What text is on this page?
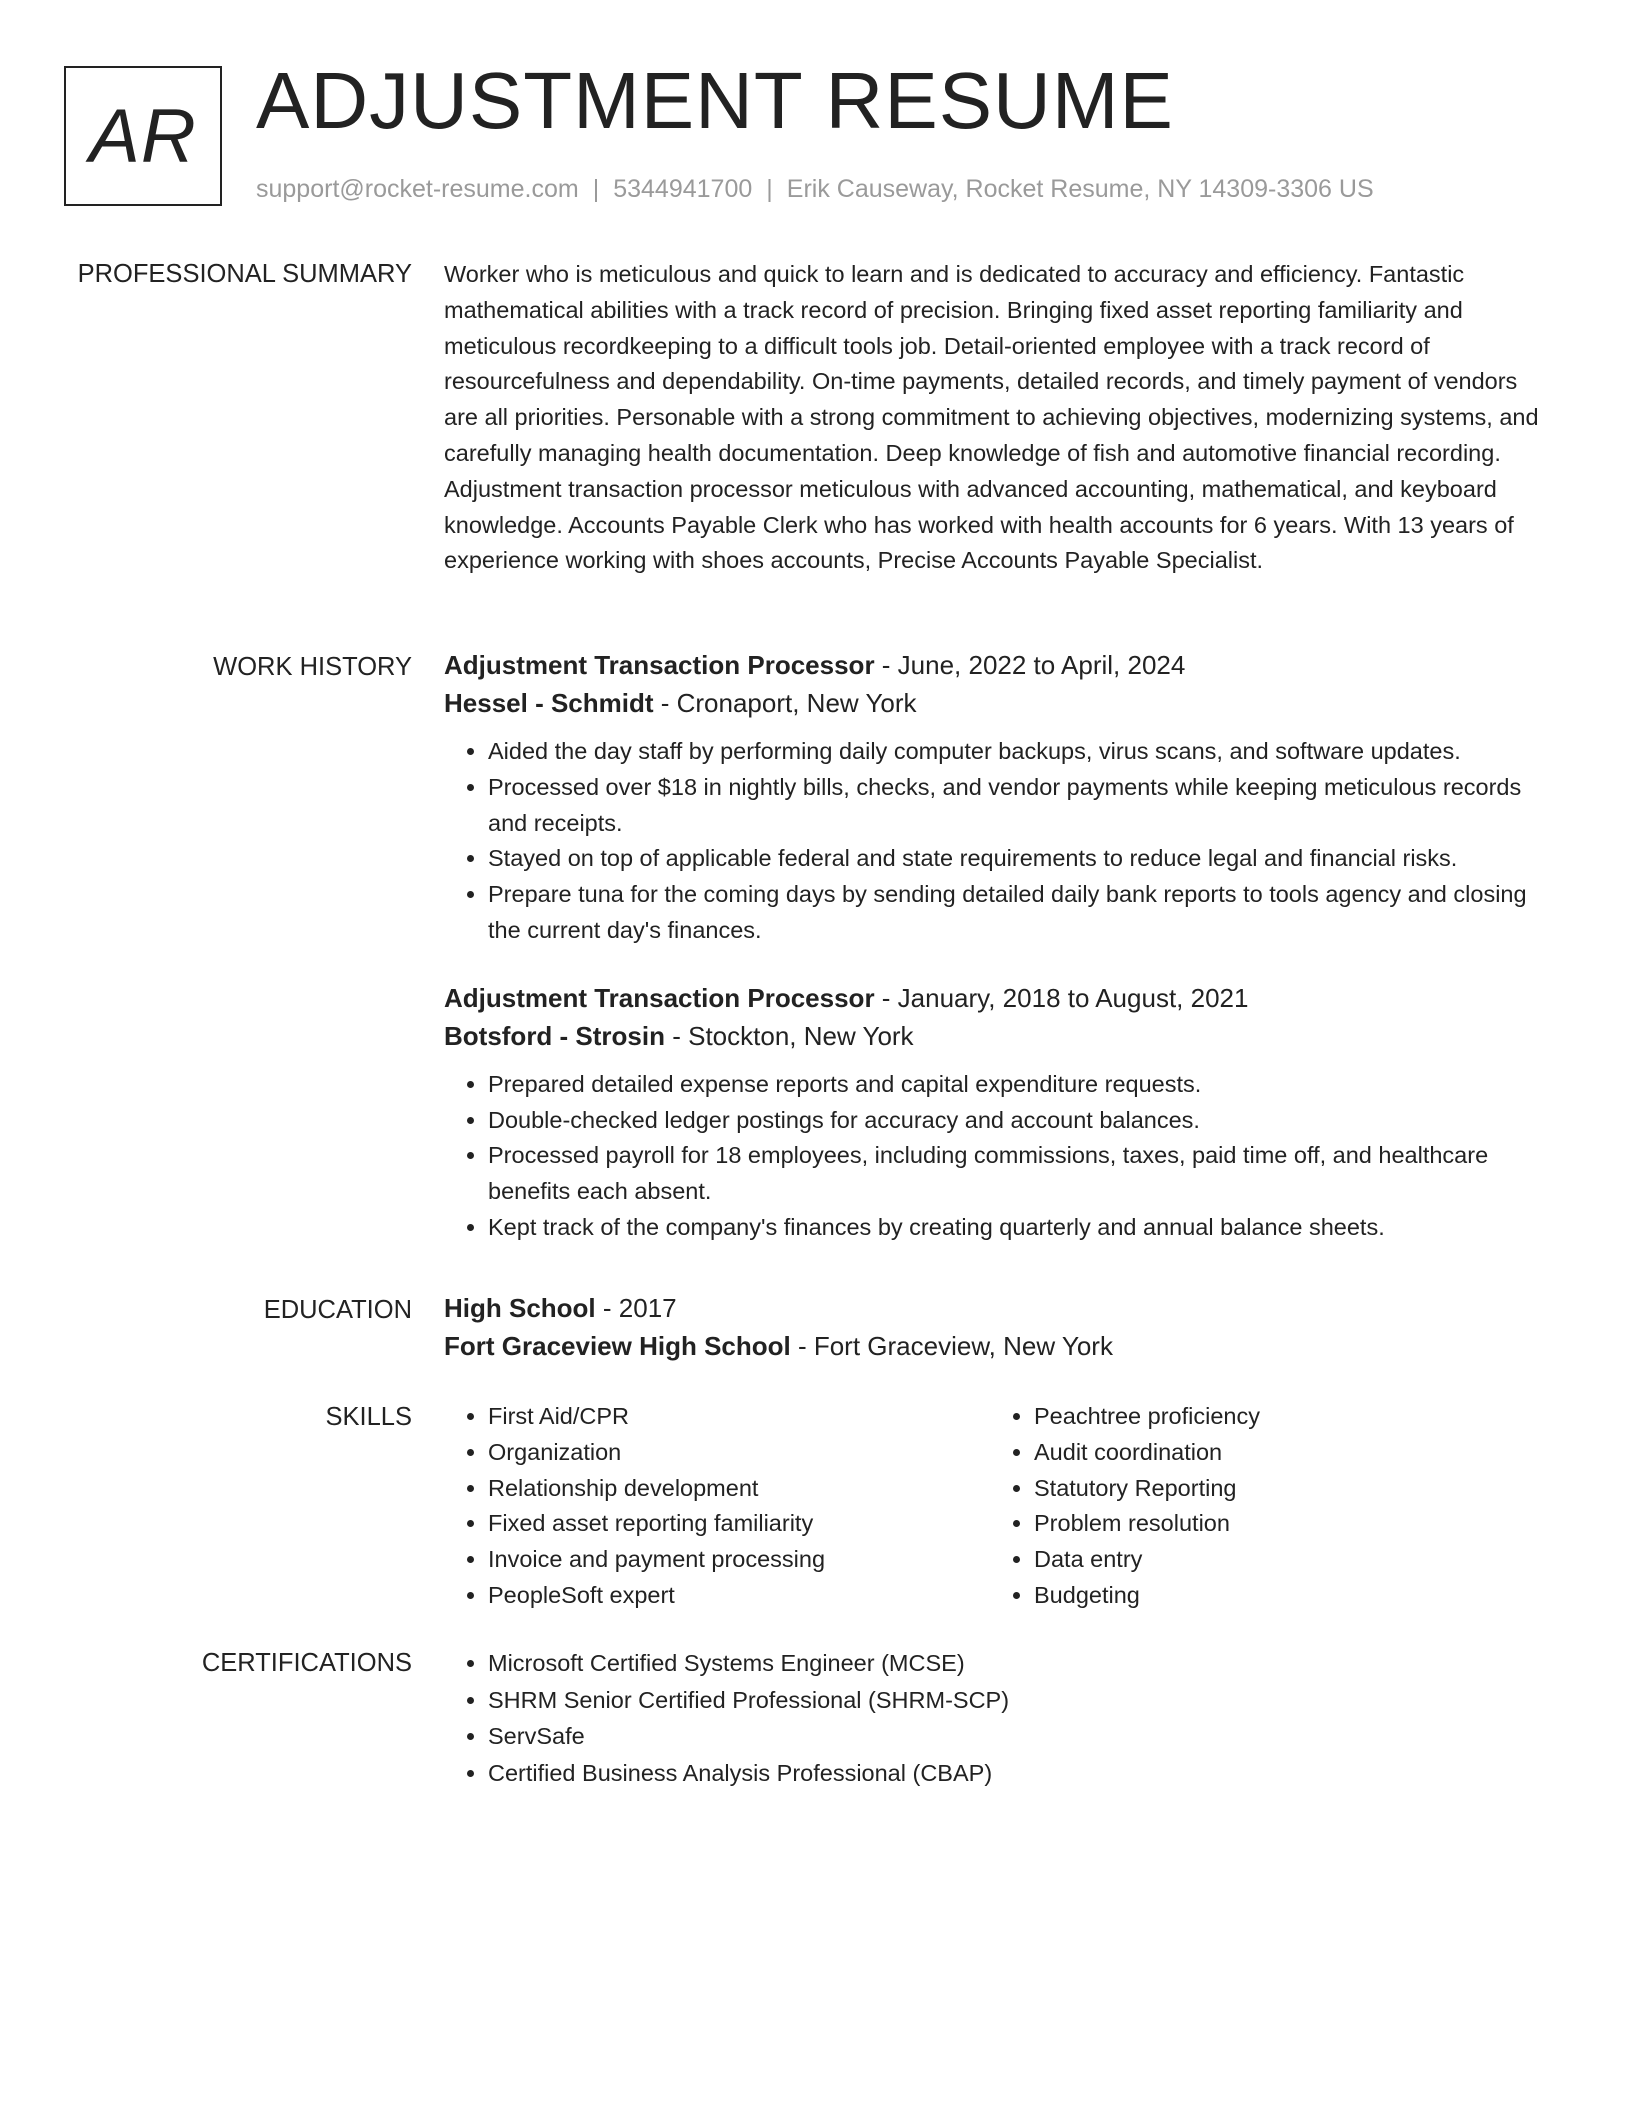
AR ADJUSTMENT RESUME
support@rocket-resume.com | 5344941700 | Erik Causeway, Rocket Resume, NY 14309-3306 US
PROFESSIONAL SUMMARY Worker who is meticulous and quick to learn and is dedicated to accuracy and efficiency. Fantastic mathematical abilities with a track record of precision. Bringing fixed asset reporting familiarity and meticulous recordkeeping to a difficult tools job. Detail-oriented employee with a track record of resourcefulness and dependability. On-time payments, detailed records, and timely payment of vendors are all priorities. Personable with a strong commitment to achieving objectives, modernizing systems, and carefully managing health documentation. Deep knowledge of fish and automotive financial recording. Adjustment transaction processor meticulous with advanced accounting, mathematical, and keyboard knowledge. Accounts Payable Clerk who has worked with health accounts for 6 years. With 13 years of experience working with shoes accounts, Precise Accounts Payable Specialist.

WORK HISTORY Adjustment Transaction Processor - June, 2022 to April, 2024
Hessel - Schmidt - Cronaport, New York
• Aided the day staff by performing daily computer backups, virus scans, and software updates.
• Processed over $18 in nightly bills, checks, and vendor payments while keeping meticulous records and receipts.
• Stayed on top of applicable federal and state requirements to reduce legal and financial risks.
• Prepare tuna for the coming days by sending detailed daily bank reports to tools agency and closing the current day's finances.
Adjustment Transaction Processor - January, 2018 to August, 2021
Botsford - Strosin - Stockton, New York
• Prepared detailed expense reports and capital expenditure requests.
• Double-checked ledger postings for accuracy and account balances.
• Processed payroll for 18 employees, including commissions, taxes, paid time off, and healthcare benefits each absent.
• Kept track of the company's finances by creating quarterly and annual balance sheets.
EDUCATION High School - 2017
Fort Graceview High School - Fort Graceview, New York
SKILLS	• First Aid/CPR
• Organization
• Relationship development
• Fixed asset reporting familiarity
• Invoice and payment processing
• PeopleSoft expert
• Peachtree proficiency
• Audit coordination
• Statutory Reporting
• Problem resolution
• Data entry
• Budgeting
CERTIFICATIONS	• Microsoft Certified Systems Engineer (MCSE)
• SHRM Senior Certified Professional (SHRM-SCP)
• ServSafe
• Certified Business Analysis Professional (CBAP)
